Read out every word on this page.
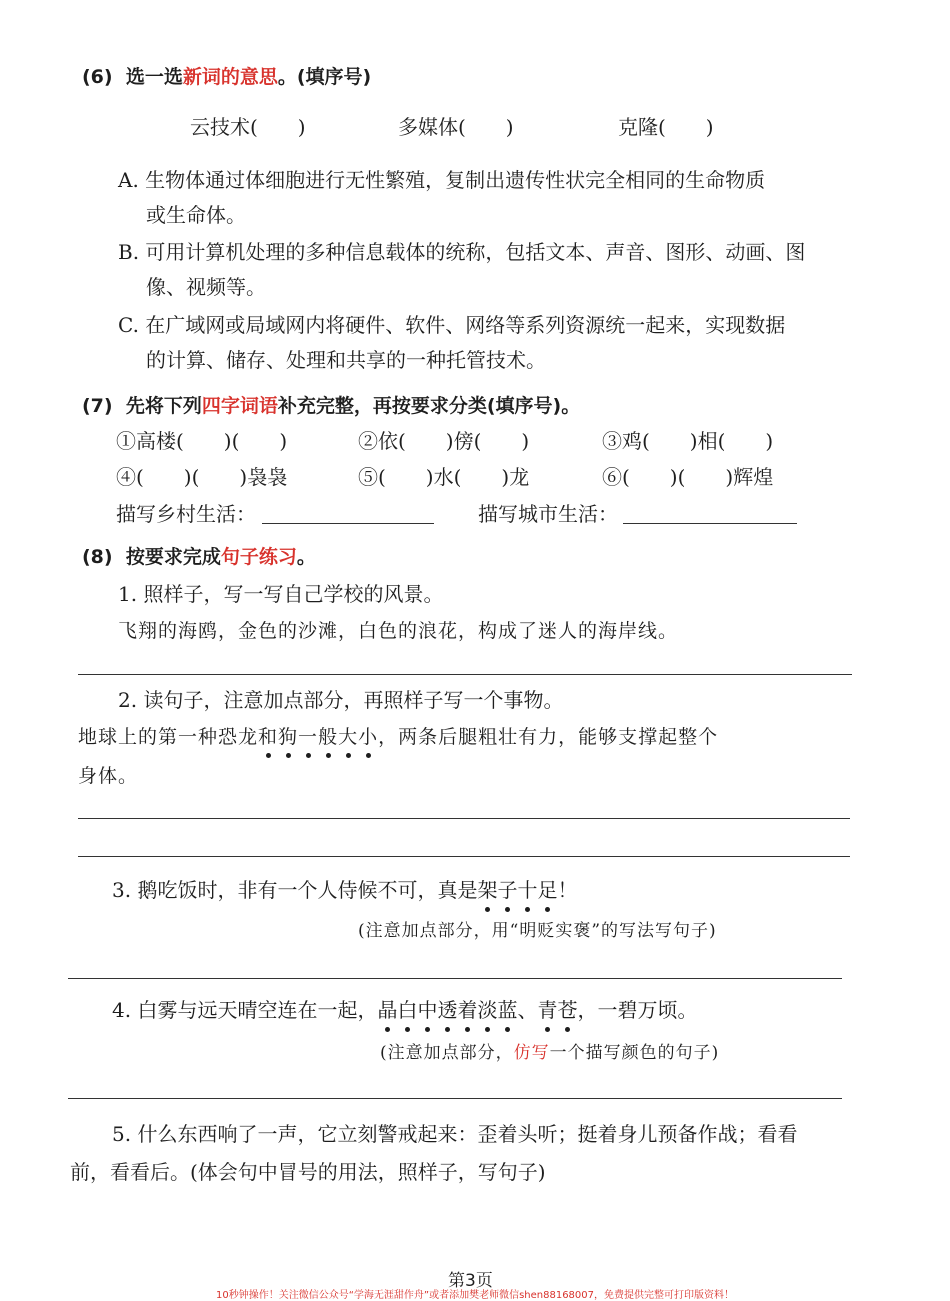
(6) 选一选新词的意思。(填序号)
云技术(　　)	多媒体(　　)	克隆(　　)
A. 生物体通过体细胞进行无性繁殖，复制出遗传性状完全相同的生命物质
或生命体。
B. 可用计算机处理的多种信息载体的统称，包括文本、声音、图形、动画、图
像、视频等。
C. 在广域网或局域网内将硬件、软件、网络等系列资源统一起来，实现数据
的计算、储存、处理和共享的一种托管技术。
(7) 先将下列四字词语补充完整，再按要求分类(填序号)。
①高楼(　　)(　　)	②依(　　)傍(　　)	③鸡(　　)相(　　)
④(　　)(　　)袅袅	⑤(　　)水(　　)龙	⑥(　　)(　　)辉煌
描写乡村生活：	描写城市生活：
(8) 按要求完成句子练习。
1. 照样子，写一写自己学校的风景。
飞翔的海鸥，金色的沙滩，白色的浪花，构成了迷人的海岸线。
2. 读句子，注意加点部分，再照样子写一个事物。
地球上的第一种恐龙和
狗
一
般
大
小
，两条后腿粗壮有力，能够支撑起整个
身体。
3. 鹅吃饭时，非有一个人侍候不可，真是架
子
十
足
！
(注意加点部分，用“明贬实褒”的写法写句子)
4. 白雾与远天晴空连在一起，晶
白
中
透
着
淡
蓝
、青
苍
，一碧万顷。
(注意加点部分，仿写一个描写颜色的句子)
5. 什么东西响了一声，它立刻警戒起来：歪着头听；挺着身儿预备作战；看看
前，看看后。(体会句中冒号的用法，照样子，写句子)
第3页
10秒钟操作！关注微信公众号“学海无涯甜作舟”或者添加樊老师微信shen88168007，免费提供完整可打印版资料！
